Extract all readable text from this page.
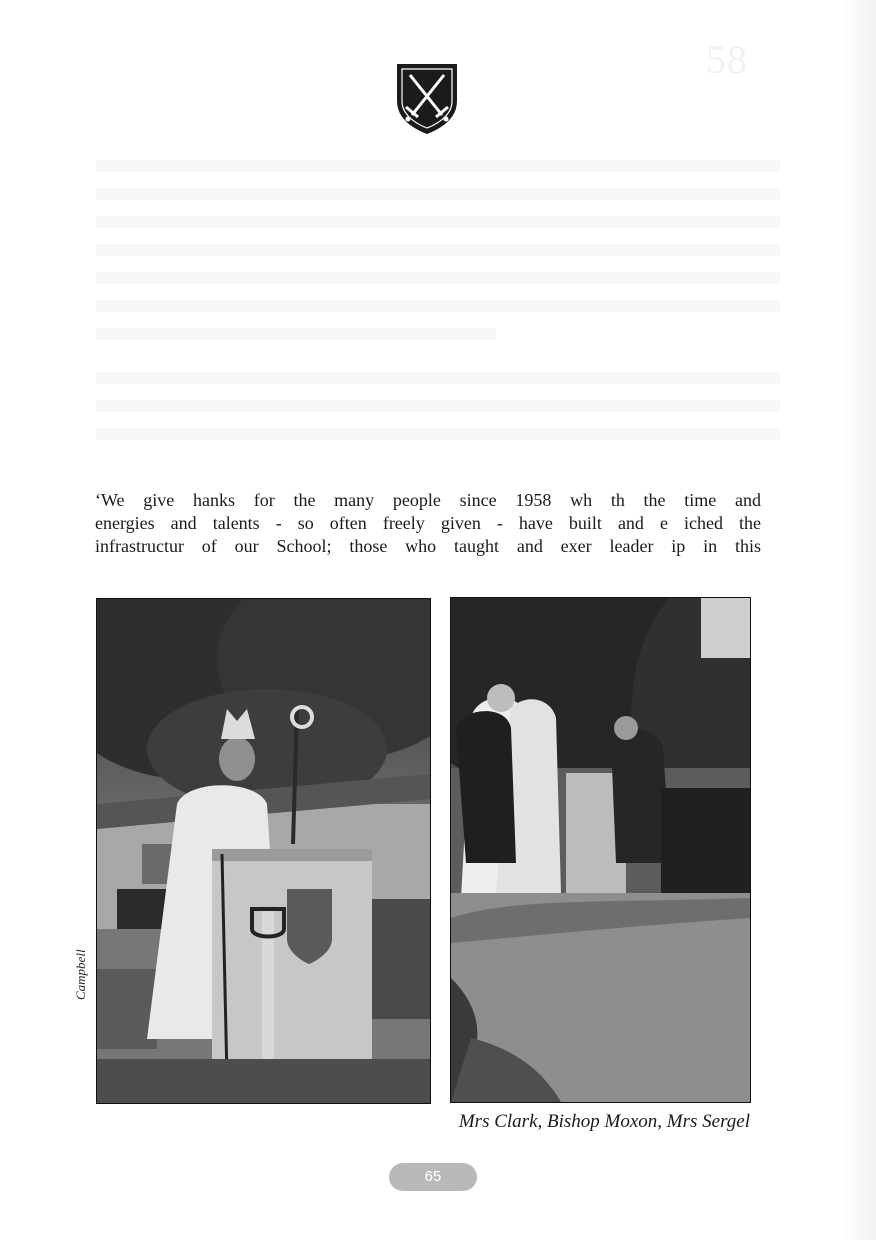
58
‘We give hanks for the many people since 1958 wh th the time and
energies and talents - so often freely given - have built and e iched the
infrastructur of our School; those who taught and exer leader ip in this
Campbell
Mrs Clark, Bishop Moxon, Mrs Sergel
65
